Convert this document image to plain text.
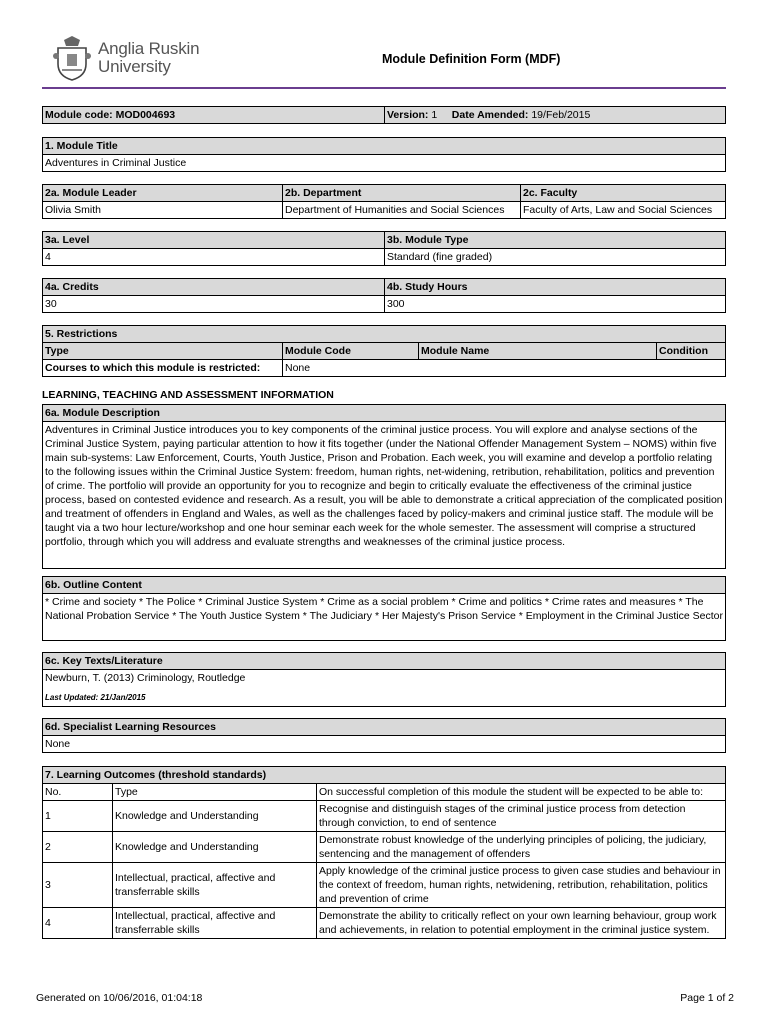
Anglia Ruskin
University	Module Definition Form (MDF)
Module code: MOD004693	Version: 1 Date Amended: 19/Feb/2015
1. Module Title
Adventures in Criminal Justice
2a. Module Leader	2b. Department	2c. Faculty
Olivia Smith	Department of Humanities and Social Sciences	Faculty of Arts, Law and Social Sciences
3a. Level	3b. Module Type
4	Standard (fine graded)
4a. Credits	4b. Study Hours
30	300
5. Restrictions			
Type	Module Code	Module Name	Condition
Courses to which this module is restricted:	None		
LEARNING, TEACHING AND ASSESSMENT INFORMATION
6a. Module Description
Adventures in Criminal Justice introduces you to key components of the criminal justice process. You will explore and analyse sections of the Criminal Justice System, paying particular attention to how it fits together (under the National Offender Management System – NOMS) within five main sub-systems: Law Enforcement, Courts, Youth Justice, Prison and Probation. Each week, you will examine and develop a portfolio relating to the following issues within the Criminal Justice System: freedom, human rights, net-widening, retribution, rehabilitation, politics and prevention of crime. The portfolio will provide an opportunity for you to recognize and begin to critically evaluate the effectiveness of the criminal justice process, based on contested evidence and research. As a result, you will be able to demonstrate a critical appreciation of the complicated position and treatment of offenders in England and Wales, as well as the challenges faced by policy-makers and criminal justice staff. The module will be taught via a two hour lecture/workshop and one hour seminar each week for the whole semester. The assessment will comprise a structured portfolio, through which you will address and evaluate strengths and weaknesses of the criminal justice process.
6b. Outline Content
* Crime and society * The Police * Criminal Justice System * Crime as a social problem * Crime and politics * Crime rates and measures * The National Probation Service * The Youth Justice System * The Judiciary * Her Majesty's Prison Service * Employment in the Criminal Justice Sector
6c. Key Texts/Literature

Newburn, T. (2013) Criminology, Routledge
Last Updated: 21/Jan/2015
6d. Specialist Learning Resources
None
7. Learning Outcomes (threshold standards)		
No.	Type	On successful completion of this module the student will be expected to be able to:
1	Knowledge and Understanding	Recognise and distinguish stages of the criminal justice process from detection through conviction, to end of sentence
2	Knowledge and Understanding	Demonstrate robust knowledge of the underlying principles of policing, the judiciary, sentencing and the management of offenders
3	Intellectual, practical, affective and transferrable skills	Apply knowledge of the criminal justice process to given case studies and behaviour in the context of freedom, human rights, netwidening, retribution, rehabilitation, politics and prevention of crime
4	Intellectual, practical, affective and transferrable skills	Demonstrate the ability to critically reflect on your own learning behaviour, group work and achievements, in relation to potential employment in the criminal justice system.
Generated on 10/06/2016, 01:04:18	Page 1 of 2
